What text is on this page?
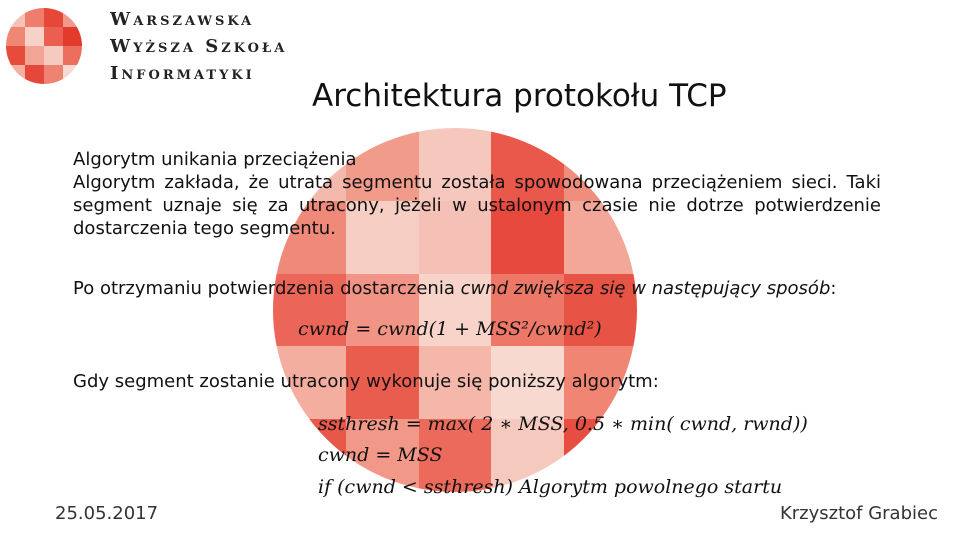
Warszawska
Wyższa Szkoła
Informatyki
Architektura protokołu TCP
Algorytm unikania przeciążenia
Algorytm zakłada, że utrata segmentu została spowodowana przeciążeniem sieci. Taki segment uznaje się za utracony, jeżeli w ustalonym czasie nie dotrze potwierdzenie dostarczenia tego segmentu.
Po otrzymaniu potwierdzenia dostarczenia cwnd zwiększa się w następujący sposób:
cwnd = cwnd(1 + MSS²/cwnd²)
Gdy segment zostanie utracony wykonuje się poniższy algorytm:
ssthresh = max( 2 ∗ MSS, 0.5 ∗ min( cwnd, rwnd))
cwnd = MSS
if (cwnd < ssthresh) Algorytm powolnego startu
25.05.2017	Krzysztof Grabiec
